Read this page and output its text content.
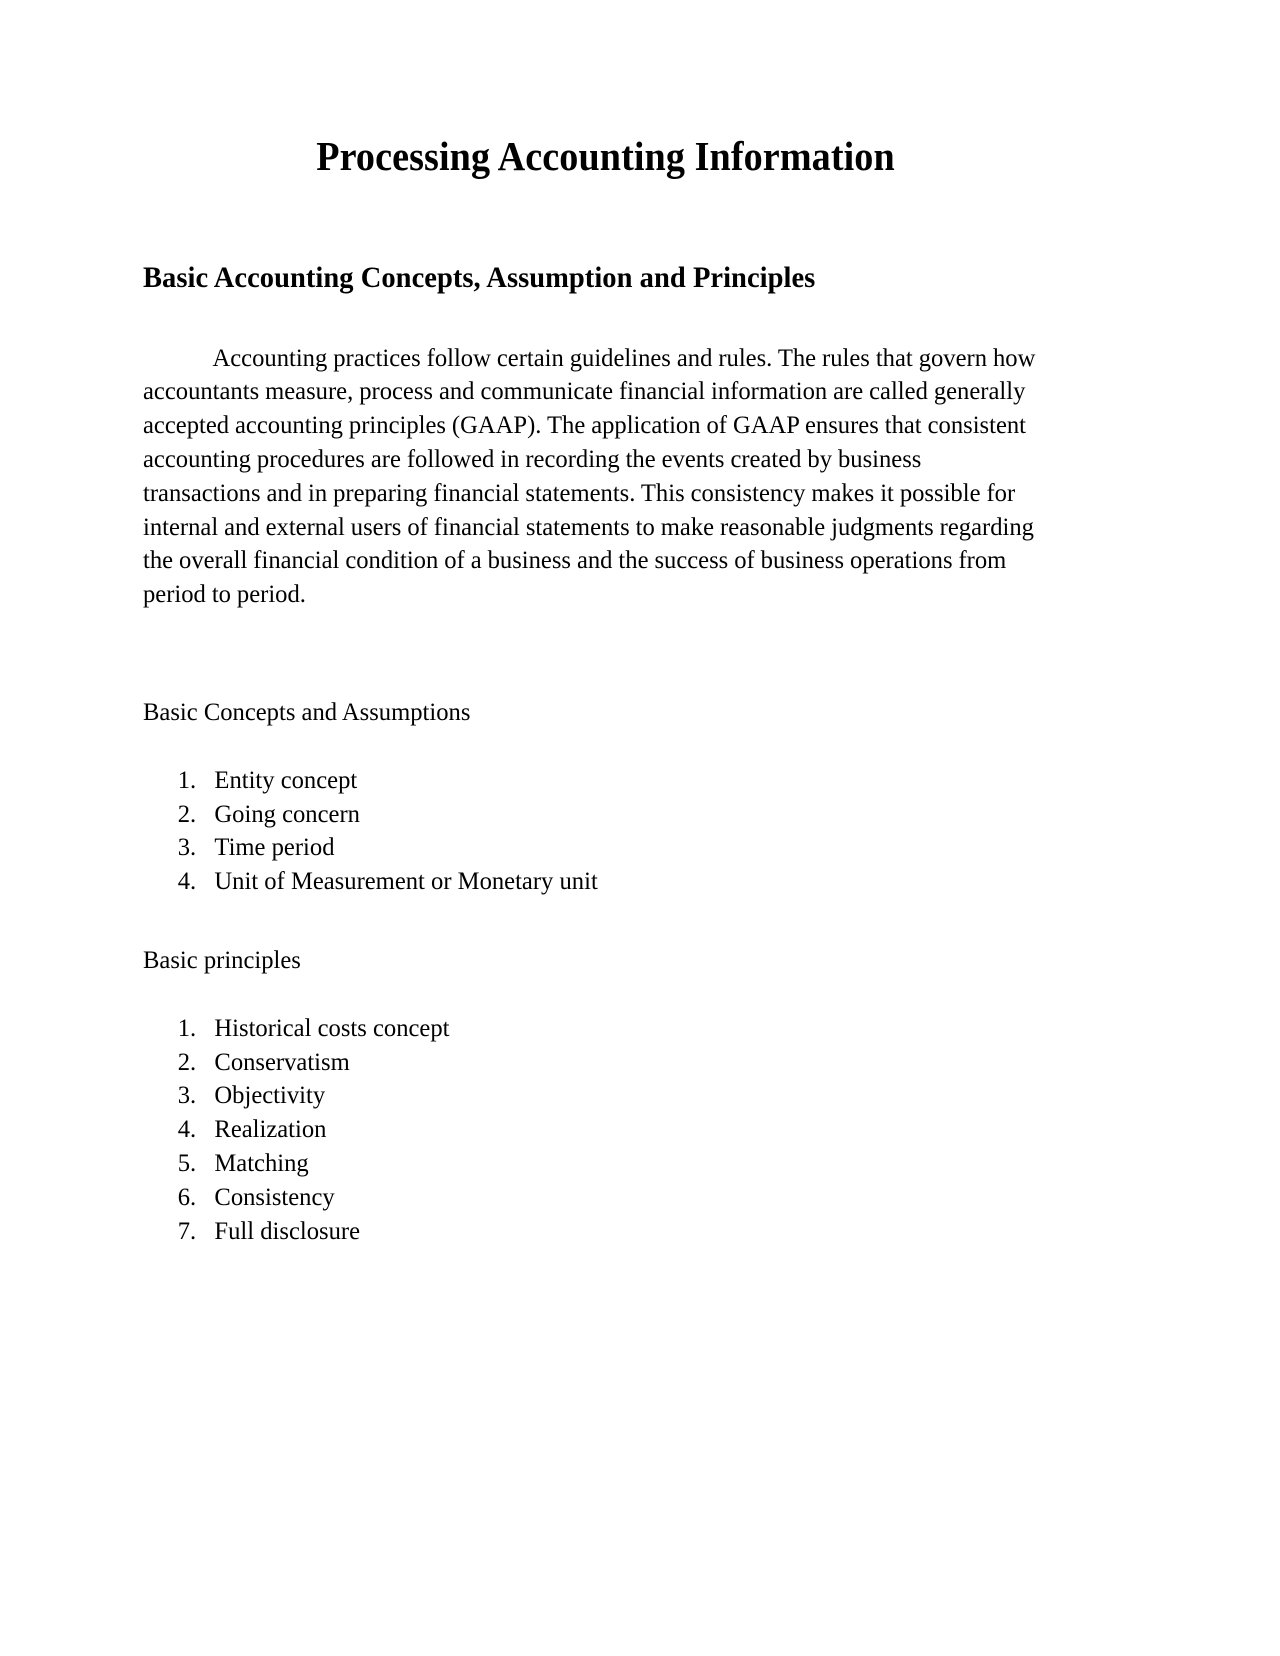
Processing Accounting Information
Basic Accounting Concepts, Assumption and Principles

Accounting practices follow certain guidelines and rules. The rules that govern how accountants measure, process and communicate financial information are called generally accepted accounting principles (GAAP). The application of GAAP ensures that consistent accounting procedures are followed in recording the events created by business transactions and in preparing financial statements. This consistency makes it possible for internal and external users of financial statements to make reasonable judgments regarding the overall financial condition of a business and the success of business operations from period to period.

Basic Concepts and Assumptions

1. Entity concept
2. Going concern
3. Time period
4. Unit of Measurement or Monetary unit

Basic principles

1. Historical costs concept
2. Conservatism
3. Objectivity
4. Realization
5. Matching
6. Consistency
7. Full disclosure
